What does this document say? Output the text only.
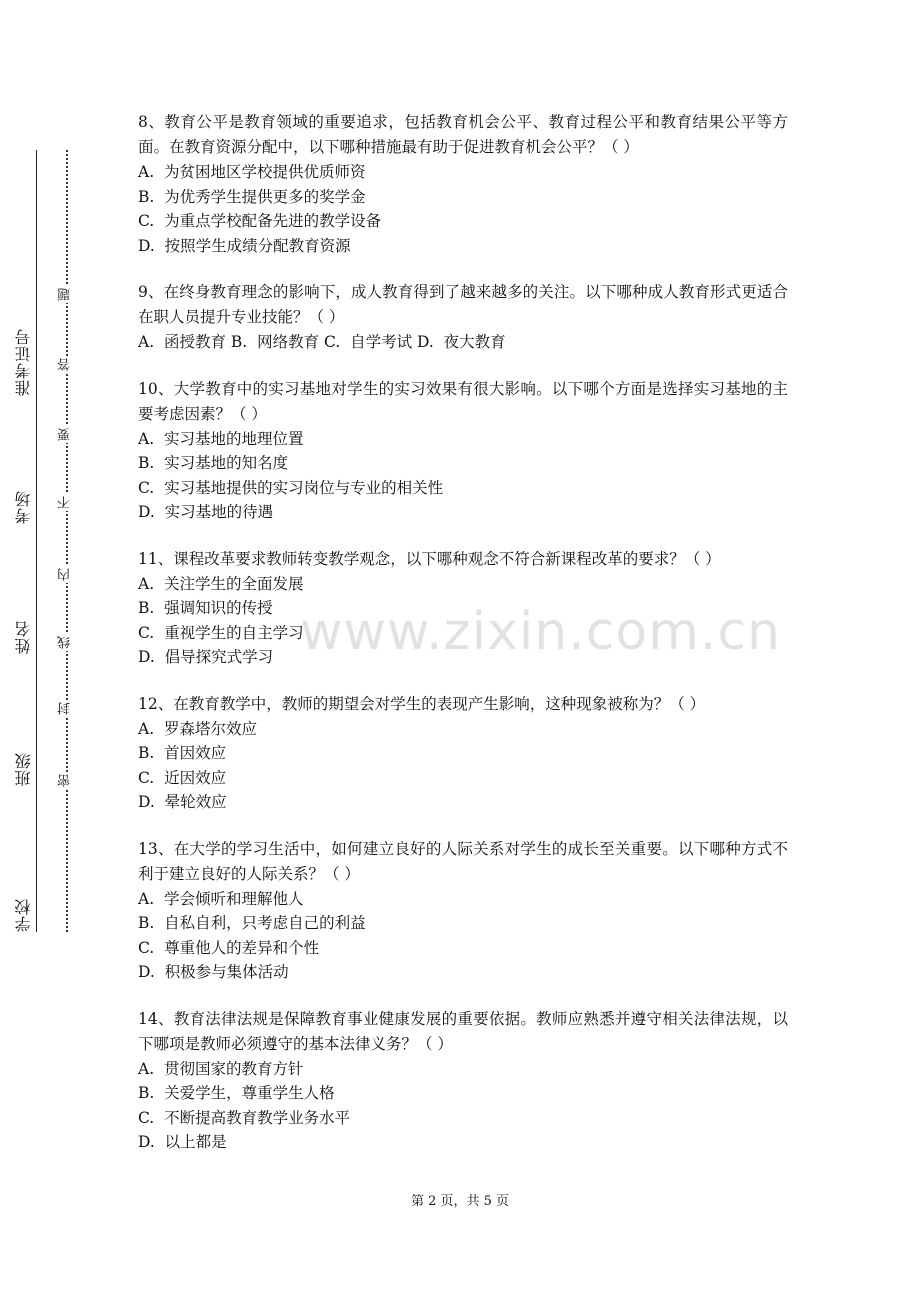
学校
班级
姓名
考场
准考证号
密
封
线
内
不
要
答
题
8、教育公平是教育领域的重要追求，包括教育机会公平、教育过程公平和教育结果公平等方面。在教育资源分配中，以下哪种措施最有助于促进教育机会公平？（ ）
A.  为贫困地区学校提供优质师资
B.  为优秀学生提供更多的奖学金
C.  为重点学校配备先进的教学设备
D.  按照学生成绩分配教育资源
9、在终身教育理念的影响下，成人教育得到了越来越多的关注。以下哪种成人教育形式更适合在职人员提升专业技能？（ ）
A.  函授教育 B.  网络教育 C.  自学考试 D.  夜大教育
10、大学教育中的实习基地对学生的实习效果有很大影响。以下哪个方面是选择实习基地的主要考虑因素？（ ）
A.  实习基地的地理位置
B.  实习基地的知名度
C.  实习基地提供的实习岗位与专业的相关性
D.  实习基地的待遇
11、课程改革要求教师转变教学观念，以下哪种观念不符合新课程改革的要求？（ ）
A.  关注学生的全面发展
B.  强调知识的传授
C.  重视学生的自主学习
D.  倡导探究式学习
12、在教育教学中，教师的期望会对学生的表现产生影响，这种现象被称为？（ ）
A.  罗森塔尔效应
B.  首因效应
C.  近因效应
D.  晕轮效应
13、在大学的学习生活中，如何建立良好的人际关系对学生的成长至关重要。以下哪种方式不利于建立良好的人际关系？（ ）
A.  学会倾听和理解他人
B.  自私自利，只考虑自己的利益
C.  尊重他人的差异和个性
D.  积极参与集体活动
14、教育法律法规是保障教育事业健康发展的重要依据。教师应熟悉并遵守相关法律法规，以下哪项是教师必须遵守的基本法律义务？（ ）
A.  贯彻国家的教育方针
B.  关爱学生，尊重学生人格
C.  不断提高教育教学业务水平
D.  以上都是
www.zixin.com.cn
第 2 页，共 5 页
